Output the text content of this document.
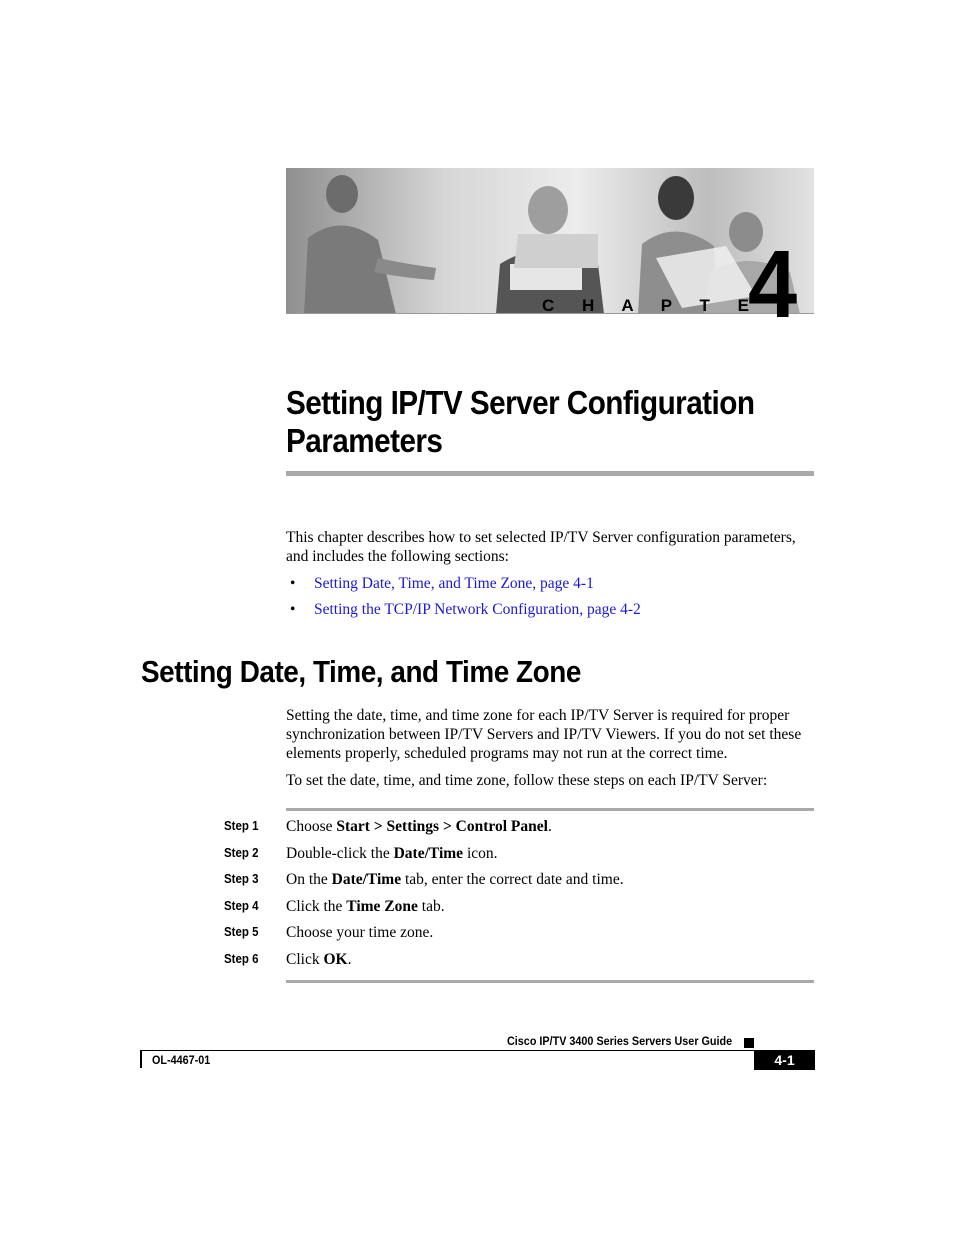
C H A P T E R
4
Setting IP/TV Server Configuration
Parameters

This chapter describes how to set selected IP/TV Server configuration parameters, and includes the following sections:

• Setting Date, Time, and Time Zone, page 4-1
• Setting the TCP/IP Network Configuration, page 4-2
Setting Date, Time, and Time Zone

Setting the date, time, and time zone for each IP/TV Server is required for proper synchronization between IP/TV Servers and IP/TV Viewers. If you do not set these elements properly, scheduled programs may not run at the correct time.

To set the date, time, and time zone, follow these steps on each IP/TV Server:

Step 1 Choose Start > Settings > Control Panel.
Step 2 Double-click the Date/Time icon.
Step 3 On the Date/Time tab, enter the correct date and time.
Step 4 Click the Time Zone tab.
Step 5 Choose your time zone.
Step 6 Click OK.
Cisco IP/TV 3400 Series Servers User Guide
OL-4467-01	4-1
